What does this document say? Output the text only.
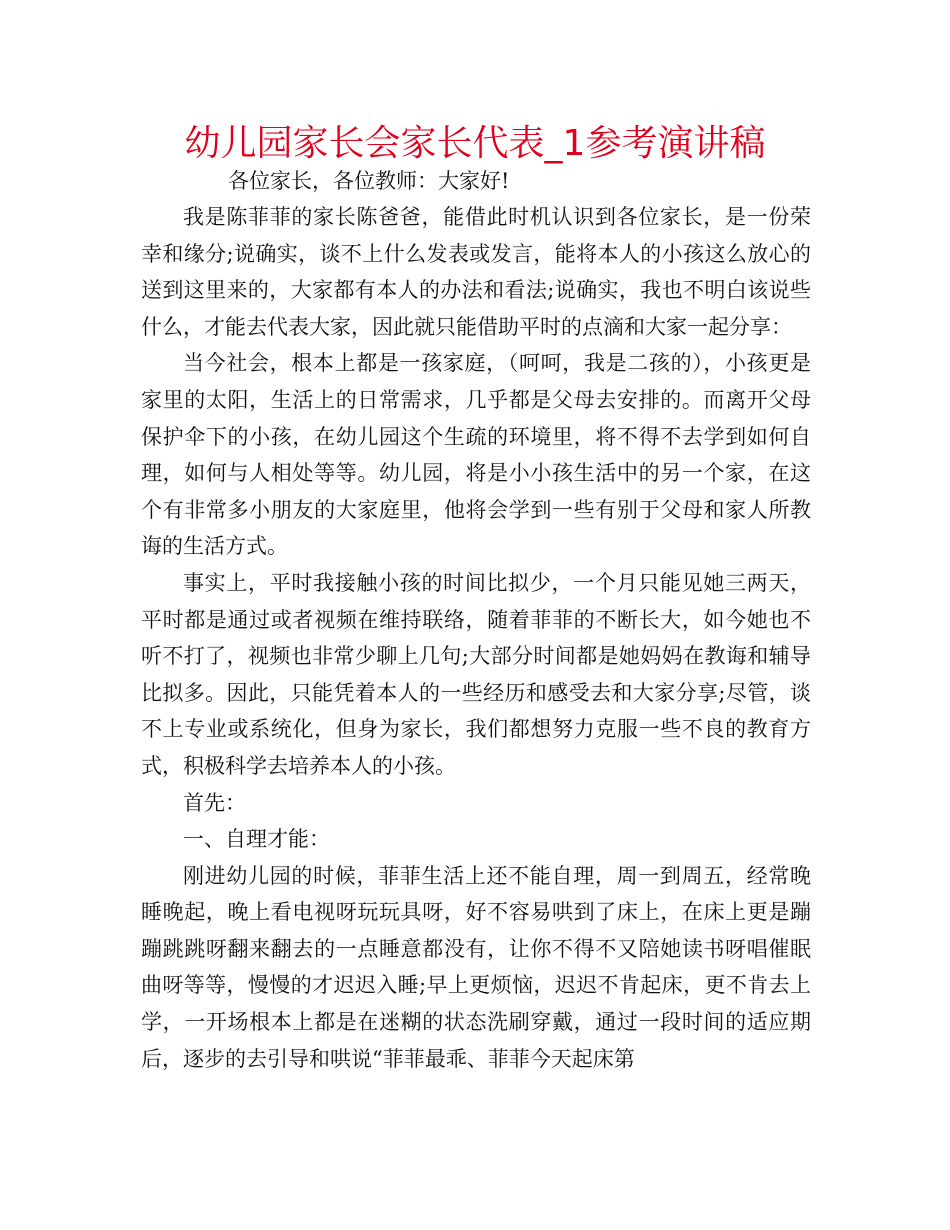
幼儿园家长会家长代表_1参考演讲稿
各位家长，各位教师：大家好!

我是陈菲菲的家长陈爸爸，能借此时机认识到各位家长，是一份荣幸和缘分;说确实，谈不上什么发表或发言，能将本人的小孩这么放心的送到这里来的，大家都有本人的办法和看法;说确实，我也不明白该说些什么，才能去代表大家，因此就只能借助平时的点滴和大家一起分享：

当今社会，根本上都是一孩家庭，（呵呵，我是二孩的），小孩更是家里的太阳，生活上的日常需求，几乎都是父母去安排的。而离开父母保护伞下的小孩，在幼儿园这个生疏的环境里，将不得不去学到如何自理，如何与人相处等等。幼儿园，将是小小孩生活中的另一个家，在这个有非常多小朋友的大家庭里，他将会学到一些有别于父母和家人所教诲的生活方式。

事实上，平时我接触小孩的时间比拟少，一个月只能见她三两天，平时都是通过或者视频在维持联络，随着菲菲的不断长大，如今她也不听不打了，视频也非常少聊上几句;大部分时间都是她妈妈在教诲和辅导比拟多。因此，只能凭着本人的一些经历和感受去和大家分享;尽管，谈不上专业或系统化，但身为家长，我们都想努力克服一些不良的教育方式，积极科学去培养本人的小孩。

首先：

一、自理才能：

刚进幼儿园的时候，菲菲生活上还不能自理，周一到周五，经常晚睡晚起，晚上看电视呀玩玩具呀，好不容易哄到了床上，在床上更是蹦蹦跳跳呀翻来翻去的一点睡意都没有，让你不得不又陪她读书呀唱催眠曲呀等等，慢慢的才迟迟入睡;早上更烦恼，迟迟不肯起床，更不肯去上学，一开场根本上都是在迷糊的状态洗刷穿戴，通过一段时间的适应期后，逐步的去引导和哄说“菲菲最乖、菲菲今天起床第
